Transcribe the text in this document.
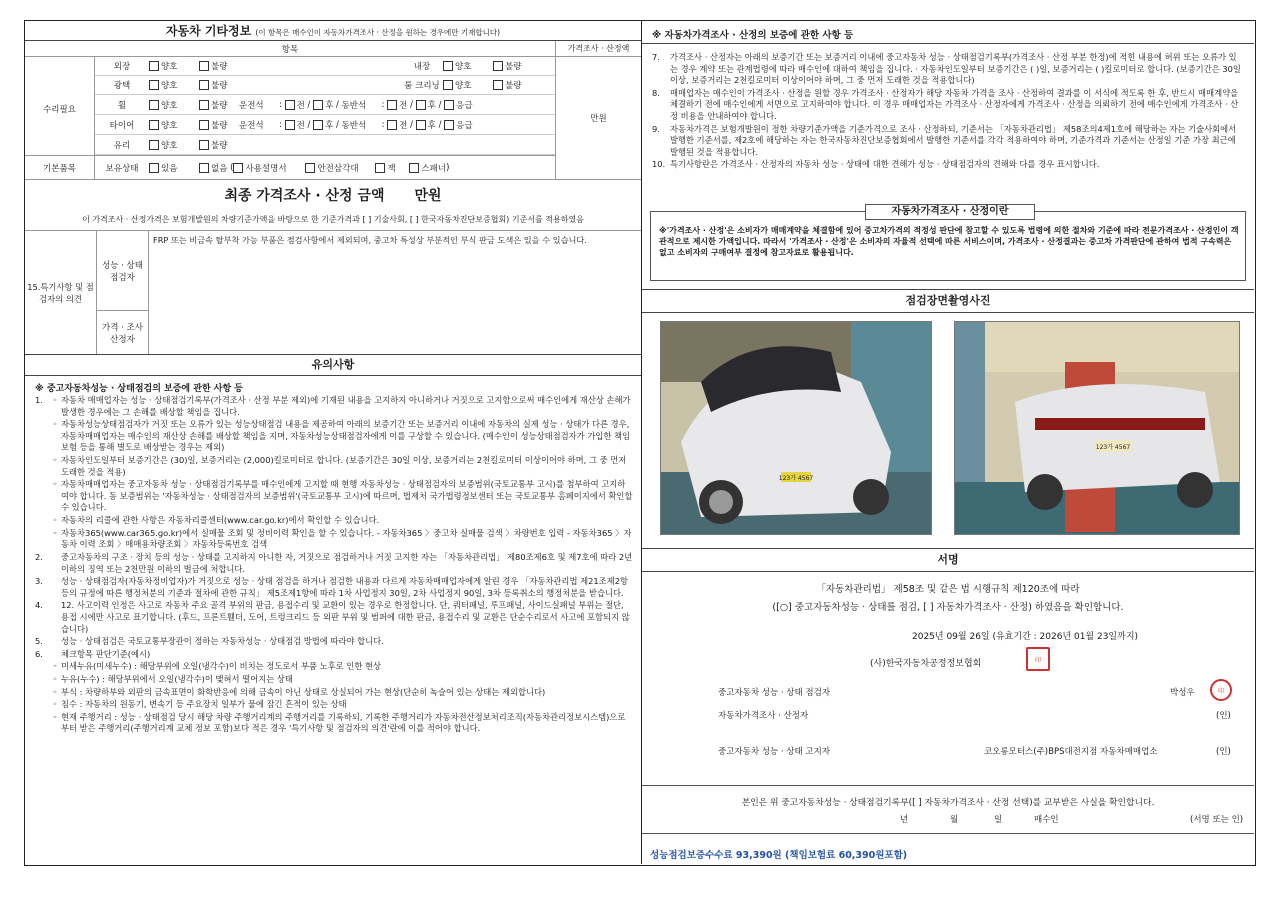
자동차 기타정보 (이 항목은 매수인이 자동차가격조사 · 산정을 원하는 경우에만 기재합니다)
항목	가격조사 · 산정액
수리필요
만원
외장	양호	불량	내장	양호	불량
광택	양호	불량	룸 크리닝	양호	불량
휠	양호	불량	운전석	: 전 / 후 / 동반석	: 전 / 후 / 응급
타이어	양호	불량	운전석	: 전 / 후 / 동반석	: 전 / 후 / 응급
유리	양호	불량
기본품목	보유상태	있음	없음 ( 사용설명서	안전삼각대	잭	스패너 )
최종 가격조사 · 산정 금액 만원
이 가격조사 · 산정가격은 보험개발원의 차량기준가액을 바탕으로 한 기준가격과 [ ] 기술사회, [ ] 한국자동차진단보증협회) 기준서를 적용하였음
15.특기사항 및 점검자의 의견
성능 · 상태 점검자
FRP 또는 비금속 탈부착 가능 부품은 점검사항에서 제외되며, 중고차 특성상 부분적인 부식 판금 도색은 있을 수 있습니다.
가격 · 조사 산정자
유의사항
※ 중고자동차성능 · 상태점검의 보증에 관한 사항 등
1.	◦ 자동차 매매업자는 성능 · 상태점검기록부(가격조사 · 산정 부분 제외)에 기재된 내용을 고지하지 아니하거나 거짓으로 고지함으로써 매수인에게 재산상 손해가 발생한 경우에는 그 손해를 배상할 책임을 집니다.
◦ 자동차성능상태점검자가 거짓 또는 오류가 있는 성능상태점검 내용을 제공하여 아래의 보증기간 또는 보증거리 이내에 자동차의 실제 성능 · 상태가 다른 경우, 자동차매매업자는 매수인의 재산상 손해를 배상할 책임을 지며, 자동차성능상태점검자에게 이를 구상할 수 있습니다. (매수인이 성능상태점검자가 가입한 책임보험 등을 통해 별도로 배상받는 경우는 제외)
◦ 자동차인도일부터 보증기간은 (30)일, 보증거리는 (2,000)킬로미터로 합니다. (보증기간은 30일 이상, 보증거리는 2천킬로미터 이상이어야 하며, 그 중 먼저 도래한 것을 적용)
◦ 자동차매매업자는 중고자동차 성능 · 상태점검기록부를 매수인에게 고지할 때 현행 자동차성능 · 상태점검자의 보증범위(국토교통부 고시)를 첨부하여 고지하여야 합니다. 동 보증범위는 '자동차성능 · 상태점검자의 보증범위'(국토교통부 고시)에 따르며, 법제처 국가법령정보센터 또는 국토교통부 홈페이지에서 확인할 수 있습니다.
◦ 자동차의 리콜에 관한 사항은 자동차리콜센터(www.car.go.kr)에서 확인할 수 있습니다.
◦ 자동차365(www.car365.go.kr)에서 실매물 조회 및 정비이력 확인을 할 수 있습니다. - 자동차365 〉중고차 실매물 검색 〉차량번호 입력 - 자동차365 〉자동차 이력 조회 〉매매용차량조회 〉자동차등록번호 검색
2.	중고자동차의 구조 · 장치 등의 성능 · 상태를 고지하지 아니한 자, 거짓으로 점검하거나 거짓 고지한 자는 「자동차관리법」 제80조제6호 및 제7호에 따라 2년 이하의 징역 또는 2천만원 이하의 벌금에 처합니다.
3.	성능 · 상태점검자(자동차정비업자)가 거짓으로 성능 · 상태 점검을 하거나 점검한 내용과 다르게 자동차매매업자에게 알린 경우 「자동차관리법 제21조제2항 등의 규정에 따른 행정처분의 기준과 절차에 관한 규칙」 제5조제1항에 따라 1차 사업정지 30일, 2차 사업정지 90일, 3차 등록취소의 행정처분을 받습니다.
4.	12. 사고이력 인정은 사고로 자동차 주요 골격 부위의 판금, 용접수리 및 교환이 있는 경우로 한정합니다. 단, 쿼터패널, 루프패널, 사이드실패널 부위는 절단, 용접 시에만 사고로 표기합니다. (후드, 프론트휀더, 도어, 트렁크리드 등 외판 부위 및 범퍼에 대한 판금, 용접수리 및 교환은 단순수리로서 사고에 포함되지 않습니다)
5.	성능 · 상태점검은 국토교통부장관이 정하는 자동차성능 · 상태점검 방법에 따라야 합니다.
6.	체크항목 판단기준(예시)
◦ 미세누유(미세누수) : 해당부위에 오일(냉각수)이 비치는 정도로서 부품 노후로 인한 현상
◦ 누유(누수) : 해당부위에서 오일(냉각수)이 맺혀서 떨어지는 상태
◦ 부식 : 차량하부와 외판의 금속표면이 화학반응에 의해 금속이 아닌 상태로 상실되어 가는 현상(단순히 녹슬어 있는 상태는 제외합니다)
◦ 침수 : 자동차의 원동기, 변속기 등 주요장치 일부가 물에 잠긴 흔적이 있는 상태
◦ 현재 주행거리 : 성능 · 상태점검 당시 해당 차량 주행거리계의 주행거리를 기록하되, 기록한 주행거리가 자동차전산정보처리조직(자동차관리정보시스템)으로부터 받은 주행거리(주행거리계 교체 정보 포함)보다 적은 경우 '특기사항 및 점검자의 의견'란에 이를 적어야 합니다.
※ 자동차가격조사 · 산정의 보증에 관한 사항 등
7.	가격조사 · 산정자는 아래의 보증기간 또는 보증거리 이내에 중고자동차 성능 · 상태점검기록부(가격조사 · 산정 부분 한정)에 적힌 내용에 허위 또는 오류가 있는 경우 계약 또는 관계법령에 따라 매수인에 대하여 책임을 집니다. · 자동차인도일부터 보증기간은 ( )일, 보증거리는 ( )킬로미터로 합니다. (보증기간은 30일 이상, 보증거리는 2천킬로미터 이상이어야 하며, 그 중 먼저 도래한 것을 적용합니다)
8.	매매업자는 매수인이 가격조사 · 산정을 원할 경우 가격조사 · 산정자가 해당 자동차 가격을 조사 · 산정하여 결과를 이 서식에 적도록 한 후, 반드시 매매계약을 체결하기 전에 매수인에게 서면으로 고지하여야 합니다. 이 경우 매매업자는 가격조사 · 산정자에게 가격조사 · 산정을 의뢰하기 전에 매수인에게 가격조사 · 산정 비용을 안내하여야 합니다.
9.	자동차가격은 보험개발원이 정한 차량기준가액을 기준가격으로 조사 · 산정하되, 기준서는 「자동차관리법」 제58조의4제1호에 해당하는 자는 기술사회에서 발행한 기준서를, 제2호에 해당하는 자는 한국자동차진단보증협회에서 발행한 기준서를 각각 적용하여야 하며, 기준가격과 기준서는 산정일 기준 가장 최근에 발행된 것을 적용합니다.
10. 특기사항란은 가격조사 · 산정자의 자동차 성능 · 상태에 대한 견해가 성능 · 상태점검자의 견해와 다를 경우 표시합니다.
자동차가격조사 · 산정이란
※'가격조사 · 산정'은 소비자가 매매계약을 체결함에 있어 중고차가격의 적정성 판단에 참고할 수 있도록 법령에 의한 절차와 기준에 따라 전문가격조사 · 산정인이 객관적으로 제시한 가액입니다. 따라서 '가격조사 · 산정'은 소비자의 자율적 선택에 따른 서비스이며, 가격조사 · 산정결과는 중고차 가격판단에 관하여 법적 구속력은 없고 소비자의 구매여부 결정에 참고자료로 활용됩니다.
점검장면촬영사진
123가 4567
123가 4567
서명
「자동차관리법」 제58조 및 같은 법 시행규칙 제120조에 따라
([○] 중고자동차성능 · 상태를 점검, [ ] 자동차가격조사 · 산정) 하였음을 확인합니다.
2025년 09월 26일 (유효기간 : 2026년 01월 23일까지)
(사)한국자동차공정정보협회	印
중고자동차 성능 · 상태 점검자	박성우	印
자동차가격조사 · 산정자	(인)
중고자동차 성능 · 상태 고지자	코오롱모터스(주)BPS대전지점 자동차매매업소	(인)
본인은 위 중고자동차성능 · 상태점검기록부([ ] 자동차가격조사 · 산정 선택)를 교부받은 사실을 확인합니다.
년	월	일	매수인	(서명 또는 인)
성능점검보증수수료 93,390원 (책임보험료 60,390원포함)
